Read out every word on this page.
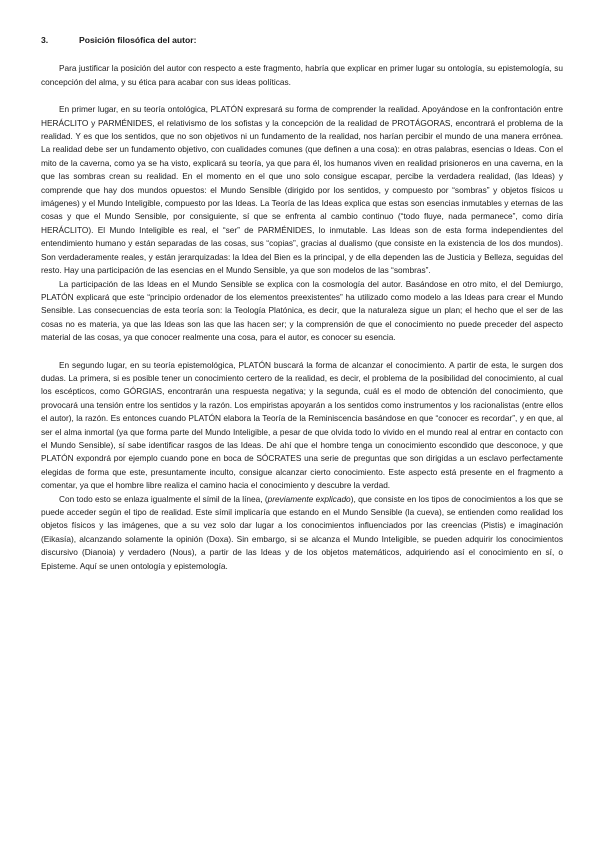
3.	Posición filosófica del autor:

Para justificar la posición del autor con respecto a este fragmento, habría que explicar en primer lugar su ontología, su epistemología, su concepción del alma, y su ética para acabar con sus ideas políticas.

En primer lugar, en su teoría ontológica, PLATÓN expresará su forma de comprender la realidad. Apoyándose en la confrontación entre HERÁCLITO y PARMÉNIDES, el relativismo de los sofistas y la concepción de la realidad de PROTÁGORAS, encontrará el problema de la realidad. Y es que los sentidos, que no son objetivos ni un fundamento de la realidad, nos harían percibir el mundo de una manera errónea. La realidad debe ser un fundamento objetivo, con cualidades comunes (que definen a una cosa): en otras palabras, esencias o Ideas. Con el mito de la caverna, como ya se ha visto, explicará su teoría, ya que para él, los humanos viven en realidad prisioneros en una caverna, en la que las sombras crean su realidad. En el momento en el que uno solo consigue escapar, percibe la verdadera realidad, (las Ideas) y comprende que hay dos mundos opuestos: el Mundo Sensible (dirigido por los sentidos, y compuesto por “sombras” y objetos físicos u imágenes) y el Mundo Inteligible, compuesto por las Ideas. La Teoría de las Ideas explica que estas son esencias inmutables y eternas de las cosas y que el Mundo Sensible, por consiguiente, sí que se enfrenta al cambio continuo (“todo fluye, nada permanece”, como diría HERÁCLITO). El Mundo Inteligible es real, el “ser” de PARMÉNIDES, lo inmutable. Las Ideas son de esta forma independientes del entendimiento humano y están separadas de las cosas, sus “copias”, gracias al dualismo (que consiste en la existencia de los dos mundos). Son verdaderamente reales, y están jerarquizadas: la Idea del Bien es la principal, y de ella dependen las de Justicia y Belleza, seguidas del resto. Hay una participación de las esencias en el Mundo Sensible, ya que son modelos de las “sombras”.

La participación de las Ideas en el Mundo Sensible se explica con la cosmología del autor. Basándose en otro mito, el del Demiurgo, PLATÓN explicará que este “principio ordenador de los elementos preexistentes” ha utilizado como modelo a las Ideas para crear el Mundo Sensible. Las consecuencias de esta teoría son: la Teología Platónica, es decir, que la naturaleza sigue un plan; el hecho que el ser de las cosas no es materia, ya que las Ideas son las que las hacen ser; y la comprensión de que el conocimiento no puede preceder del aspecto material de las cosas, ya que conocer realmente una cosa, para el autor, es conocer su esencia.

En segundo lugar, en su teoría epistemológica, PLATÓN buscará la forma de alcanzar el conocimiento. A partir de esta, le surgen dos dudas. La primera, si es posible tener un conocimiento certero de la realidad, es decir, el problema de la posibilidad del conocimiento, al cual los escépticos, como GÓRGIAS, encontrarán una respuesta negativa; y la segunda, cuál es el modo de obtención del conocimiento, que provocará una tensión entre los sentidos y la razón. Los empiristas apoyarán a los sentidos como instrumentos y los racionalistas (entre ellos el autor), la razón. Es entonces cuando PLATÓN elabora la Teoría de la Reminiscencia basándose en que “conocer es recordar”, y en que, al ser el alma inmortal (ya que forma parte del Mundo Inteligible, a pesar de que olvida todo lo vivido en el mundo real al entrar en contacto con el Mundo Sensible), sí sabe identificar rasgos de las Ideas. De ahí que el hombre tenga un conocimiento escondido que desconoce, y que PLATÓN expondrá por ejemplo cuando pone en boca de SÓCRATES una serie de preguntas que son dirigidas a un esclavo perfectamente elegidas de forma que este, presuntamente inculto, consigue alcanzar cierto conocimiento. Este aspecto está presente en el fragmento a comentar, ya que el hombre libre realiza el camino hacia el conocimiento y descubre la verdad.

Con todo esto se enlaza igualmente el símil de la línea, (previamente explicado), que consiste en los tipos de conocimientos a los que se puede acceder según el tipo de realidad. Este símil implicaría que estando en el Mundo Sensible (la cueva), se entienden como realidad los objetos físicos y las imágenes, que a su vez solo dar lugar a los conocimientos influenciados por las creencias (Pistis) e imaginación (Eikasía), alcanzando solamente la opinión (Doxa). Sin embargo, si se alcanza el Mundo Inteligible, se pueden adquirir los conocimientos discursivo (Dianoia) y verdadero (Nous), a partir de las Ideas y de los objetos matemáticos, adquiriendo así el conocimiento en sí, o Episteme. Aquí se unen ontología y epistemología.
